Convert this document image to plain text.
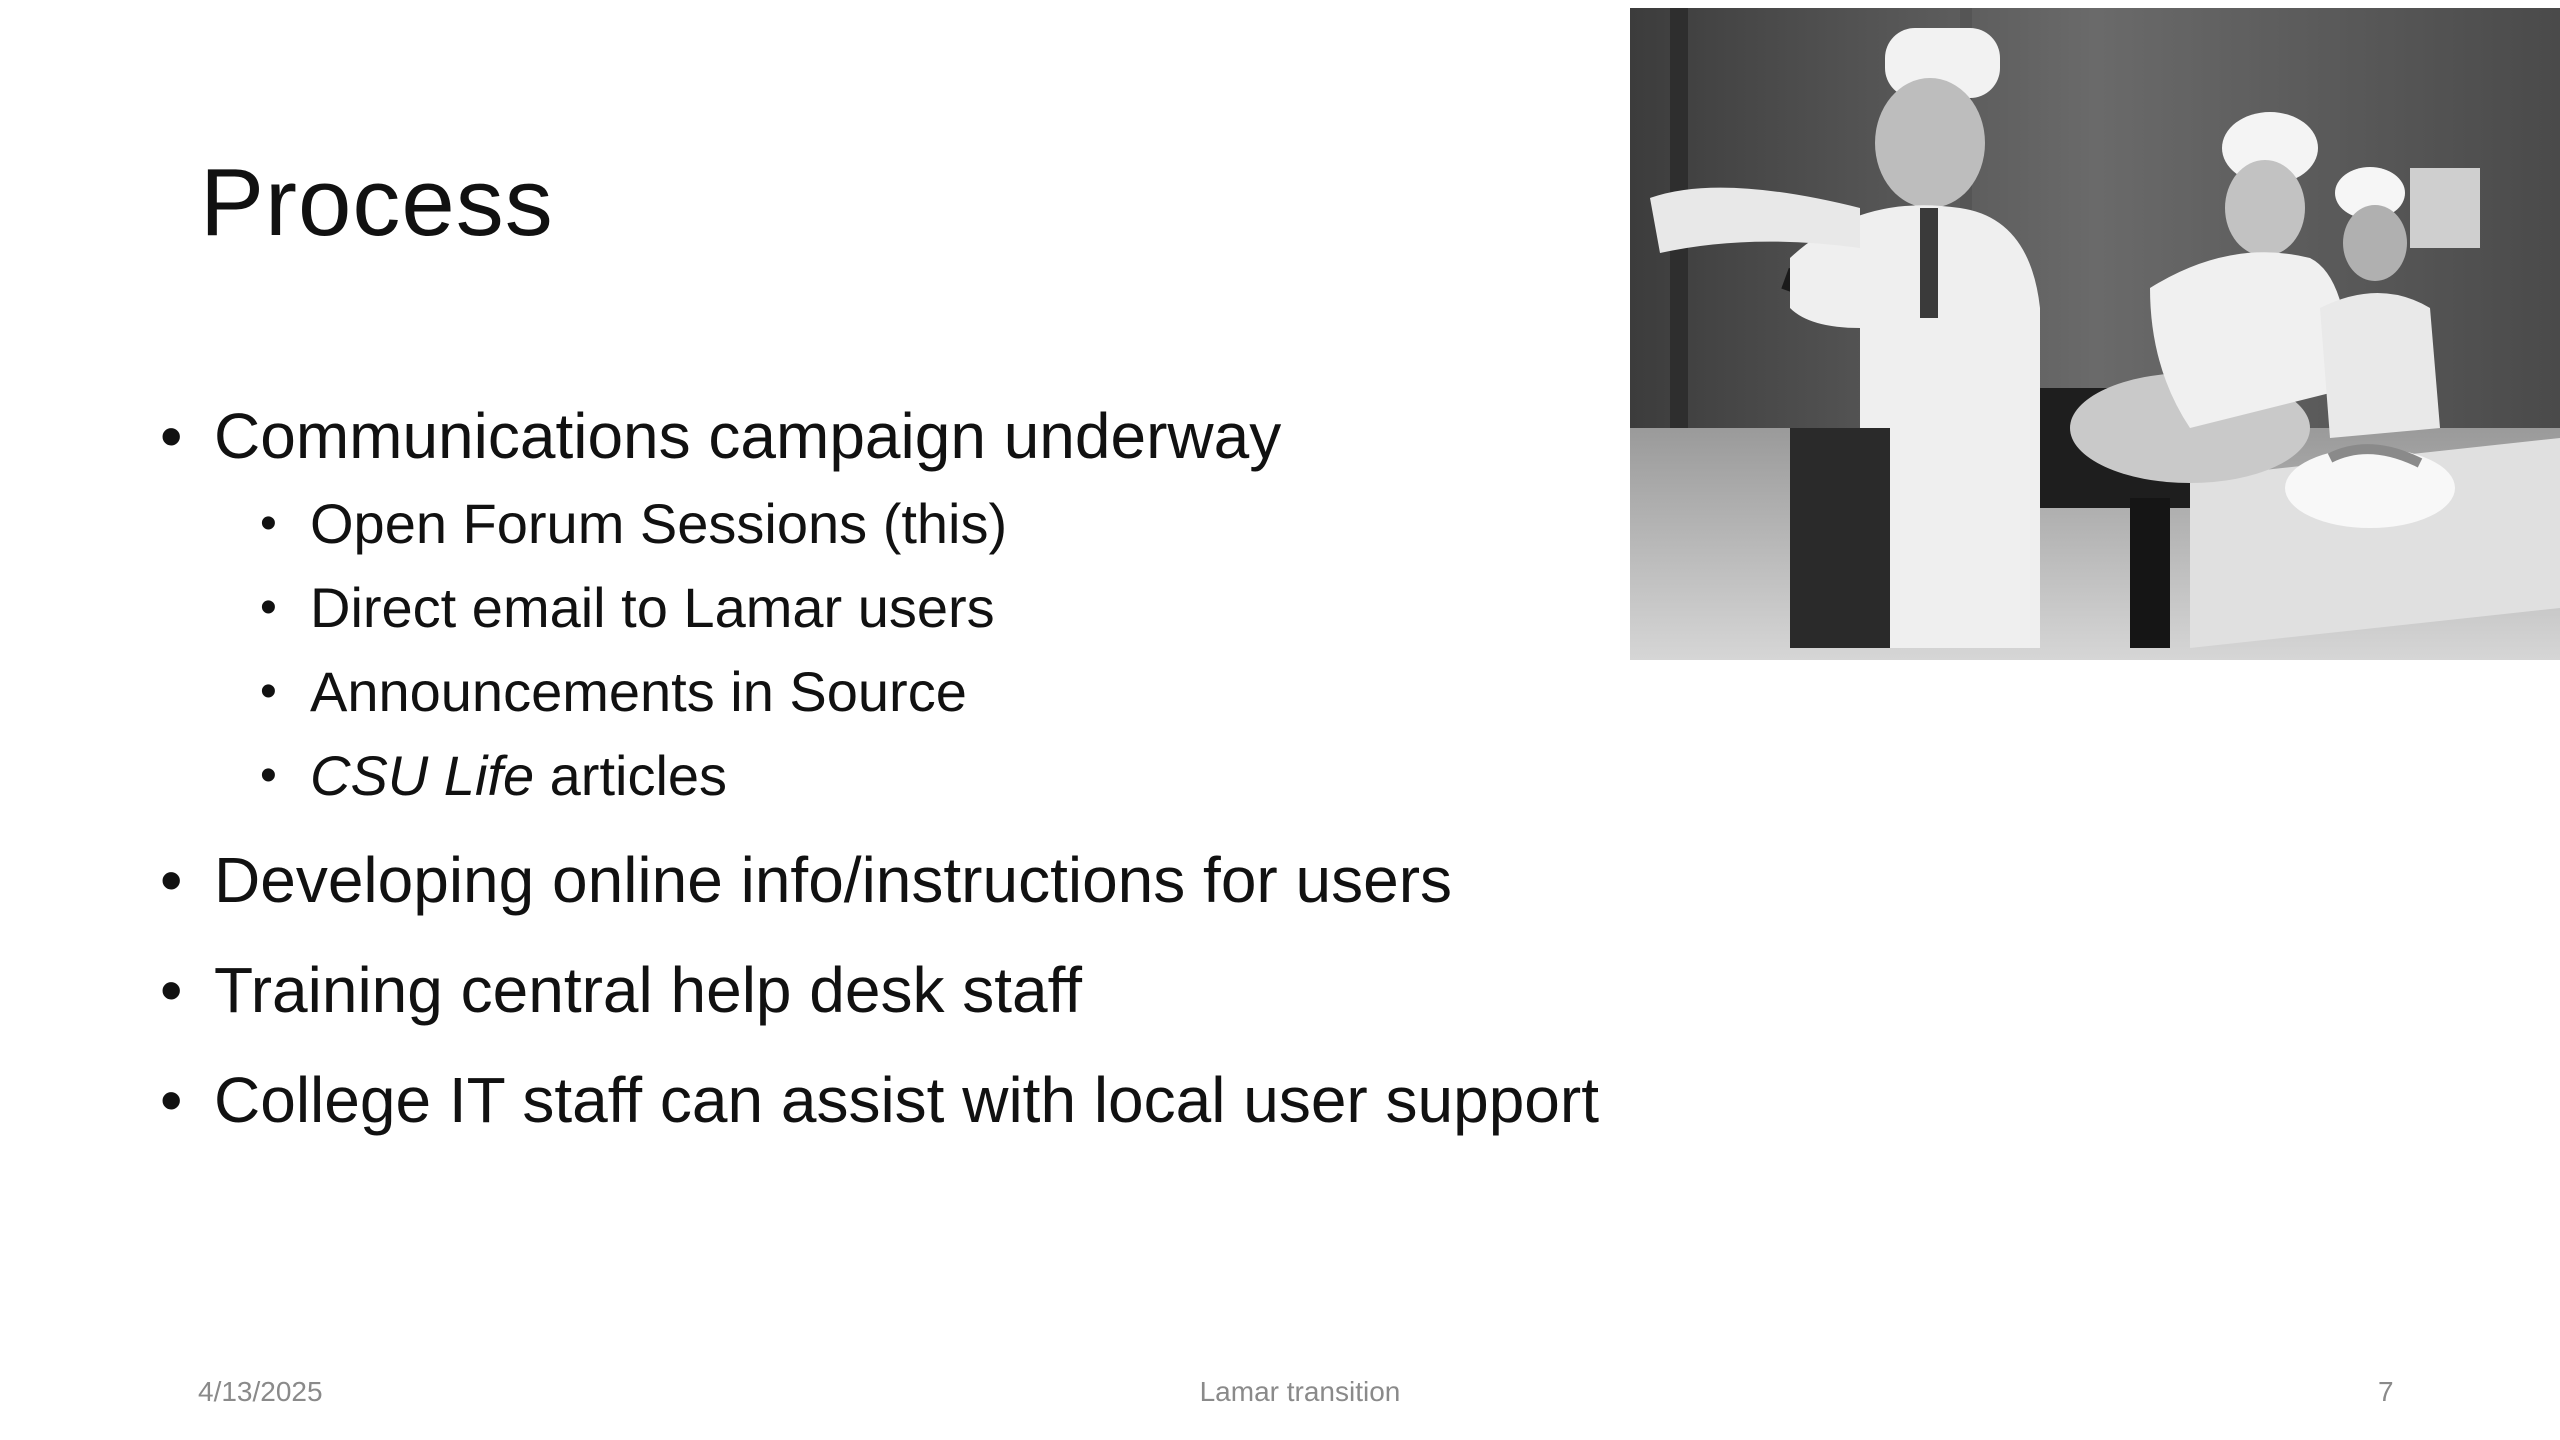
Process
• Communications campaign underway
• Open Forum Sessions (this)
• Direct email to Lamar users
• Announcements in Source
• CSU Life articles
• Developing online info/instructions for users
• Training central help desk staff
• College IT staff can assist with local user support
4/13/2025	Lamar transition	7
